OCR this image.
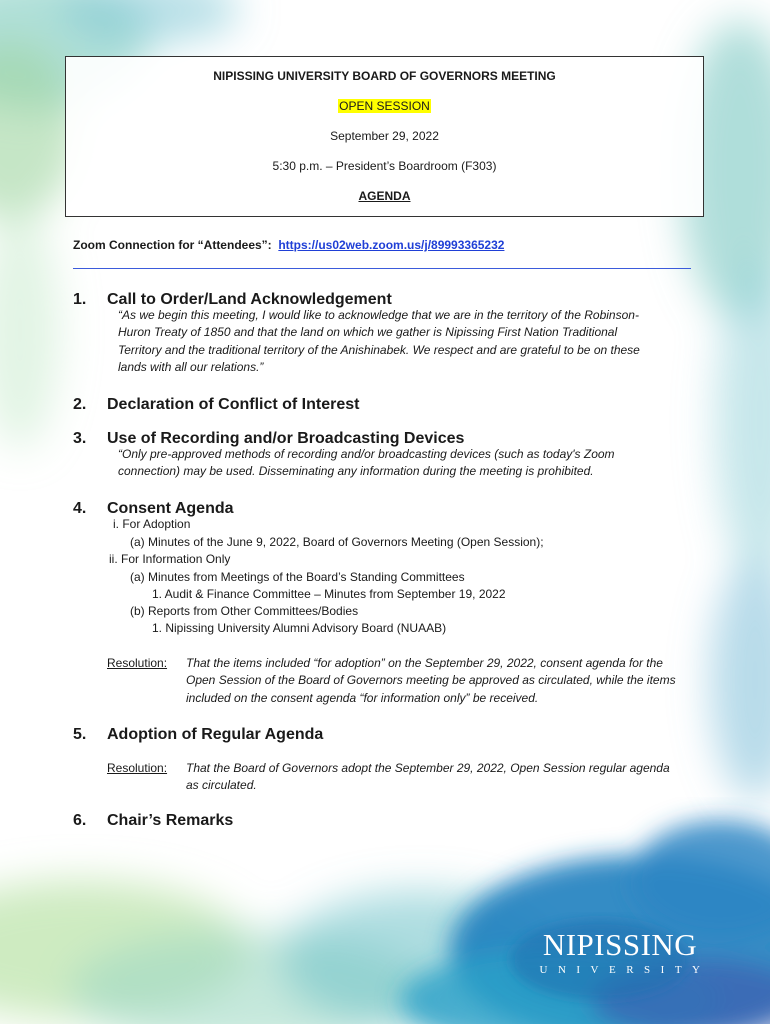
NIPISSING UNIVERSITY BOARD OF GOVERNORS MEETING
OPEN SESSION
September 29, 2022
5:30 p.m. – President’s Boardroom (F303)
AGENDA
Zoom Connection for “Attendees”: https://us02web.zoom.us/j/89993365232
1. Call to Order/Land Acknowledgement
“As we begin this meeting, I would like to acknowledge that we are in the territory of the Robinson-
Huron Treaty of 1850 and that the land on which we gather is Nipissing First Nation Traditional
Territory and the traditional territory of the Anishinabek. We respect and are grateful to be on these
lands with all our relations.”
2. Declaration of Conflict of Interest
3. Use of Recording and/or Broadcasting Devices
“Only pre-approved methods of recording and/or broadcasting devices (such as today's Zoom
connection) may be used. Disseminating any information during the meeting is prohibited.
4. Consent Agenda
i. For Adoption
(a) Minutes of the June 9, 2022, Board of Governors Meeting (Open Session);
ii. For Information Only
(a) Minutes from Meetings of the Board’s Standing Committees
1. Audit & Finance Committee – Minutes from September 19, 2022
(b) Reports from Other Committees/Bodies
1. Nipissing University Alumni Advisory Board (NUAAB)
Resolution: That the items included “for adoption” on the September 29, 2022, consent agenda for the
Open Session of the Board of Governors meeting be approved as circulated, while the items
included on the consent agenda “for information only” be received.
5. Adoption of Regular Agenda
Resolution: That the Board of Governors adopt the September 29, 2022, Open Session regular agenda
as circulated.
6. Chair’s Remarks
NIPISSING
UNIVERSITY
